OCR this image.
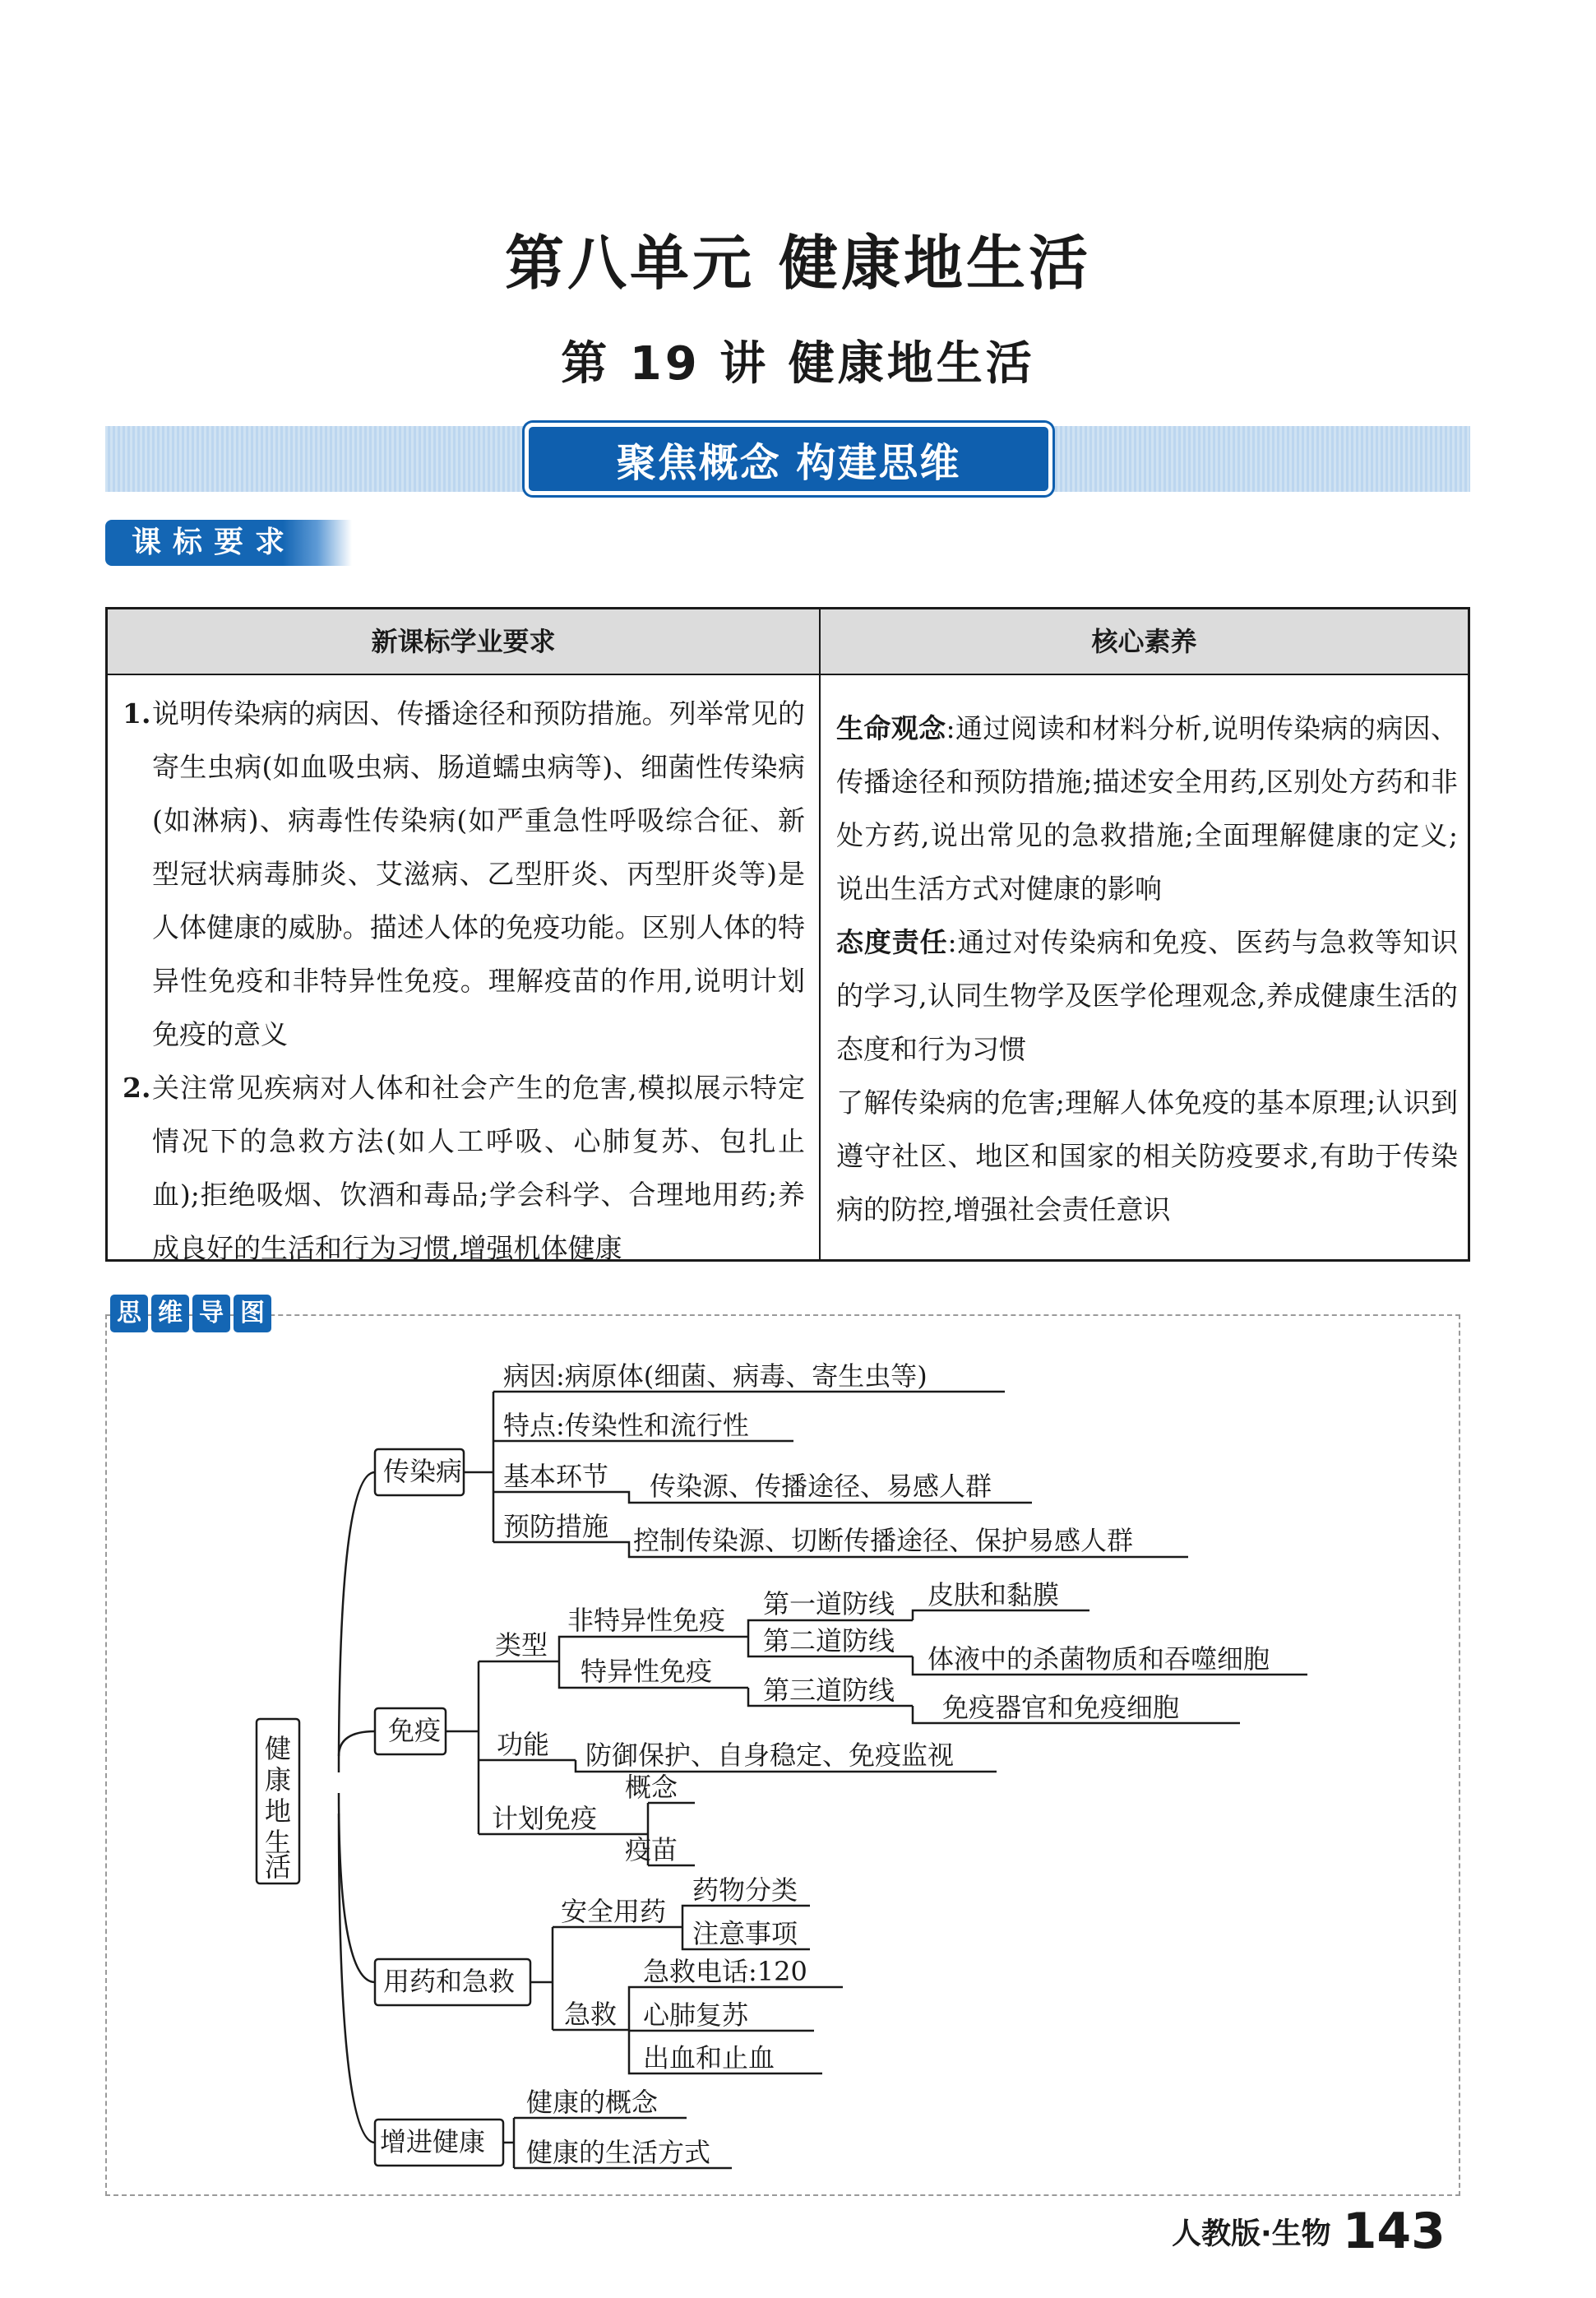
第八单元 健康地生活
第 19 讲 健康地生活
聚焦概念 构建思维
课标要求
新课标学业要求	核心素养
1. 说明传染病的病因、传播途径和预防措施。列举常见的寄生虫病(如血吸虫病、肠道蠕虫病等)、细菌性传染病(如淋病)、病毒性传染病(如严重急性呼吸综合征、新型冠状病毒肺炎、艾滋病、乙型肝炎、丙型肝炎等)是人体健康的威胁。描述人体的免疫功能。区别人体的特异性免疫和非特异性免疫。理解疫苗的作用,说明计划免疫的意义
2. 关注常见疾病对人体和社会产生的危害,模拟展示特定情况下的急救方法(如人工呼吸、心肺复苏、包扎止血);拒绝吸烟、饮酒和毒品;学会科学、合理地用药;养成良好的生活和行为习惯,增强机体健康
生命观念:通过阅读和材料分析,说明传染病的病因、传播途径和预防措施;描述安全用药,区别处方药和非处方药,说出常见的急救措施;全面理解健康的定义;说出生活方式对健康的影响
态度责任:通过对传染病和免疫、医药与急救等知识的学习,认同生物学及医学伦理观念,养成健康生活的态度和行为习惯
了解传染病的危害;理解人体免疫的基本原理;认识到遵守社区、地区和国家的相关防疫要求,有助于传染病的防控,增强社会责任意识
思 维 导 图
健
康
地
生
活
传染病
病因:病原体(细菌、病毒、寄生虫等)
特点:传染性和流行性
基本环节 传染源、传播途径、易感人群
预防措施 控制传染源、切断传播途径、保护易感人群
免疫
类型
非特异性免疫
第一道防线 皮肤和黏膜
第二道防线
体液中的杀菌物质和吞噬细胞
特异性免疫
第三道防线
免疫器官和免疫细胞
功能 防御保护、自身稳定、免疫监视
计划免疫
概念
疫苗
用药和急救
安全用药
药物分类
注意事项
急救
急救电话:120
心肺复苏
出血和止血
增进健康
健康的概念
健康的生活方式
人教版·生物 143
